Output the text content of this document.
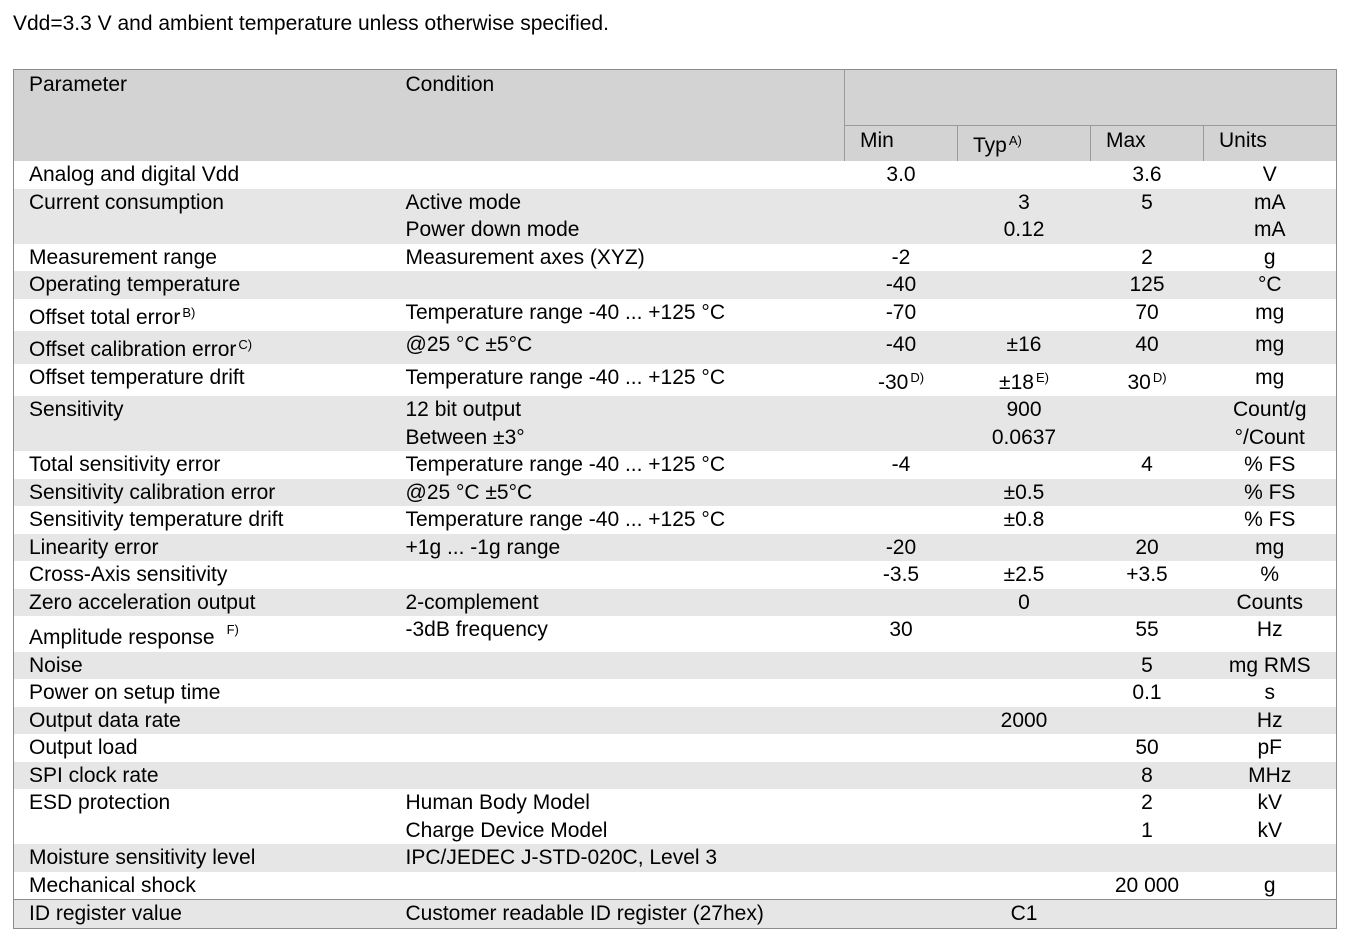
Vdd=3.3 V and ambient temperature unless otherwise specified.
Parameter	Condition				
		Min	Typ $^{A)}$	Max	Units
Analog and digital Vdd		3.0		3.6	V
Current consumption	Active mode		3	5	mA
	Power down mode		0.12		mA
Measurement range	Measurement axes (XYZ)	-2		2	g
Operating temperature		-40		125	°C
Offset total error $^{B)}$	Temperature range -40 ... +125 °C	-70		70	mg
Offset calibration error $^{C)}$	@25 °C ±5°C	-40	±16	40	mg
Offset temperature drift	Temperature range -40 ... +125 °C	-30 $^{D)}$	±18 $^{E)}$	30 $^{D)}$	mg
Sensitivity	12 bit output		900		Count/g
	Between ±3°		0.0637		°/Count
Total sensitivity error	Temperature range -40 ... +125 °C	-4		4	% FS
Sensitivity calibration error	@25 °C ±5°C		±0.5		% FS
Sensitivity temperature drift	Temperature range -40 ... +125 °C		±0.8		% FS
Linearity error	+1g ... -1g range	-20		20	mg
Cross-Axis sensitivity		-3.5	±2.5	+3.5	%
Zero acceleration output	2-complement		0		Counts
Amplitude response $^{F)}$	-3dB frequency	30		55	Hz
Noise				5	mg RMS
Power on setup time				0.1	s
Output data rate			2000		Hz
Output load				50	pF
SPI clock rate				8	MHz
ESD protection	Human Body Model			2	kV
	Charge Device Model			1	kV
Moisture sensitivity level	IPC/JEDEC J-STD-020C, Level 3				
Mechanical shock				20 000	g
ID register value	Customer readable ID register (27hex)		C1		
